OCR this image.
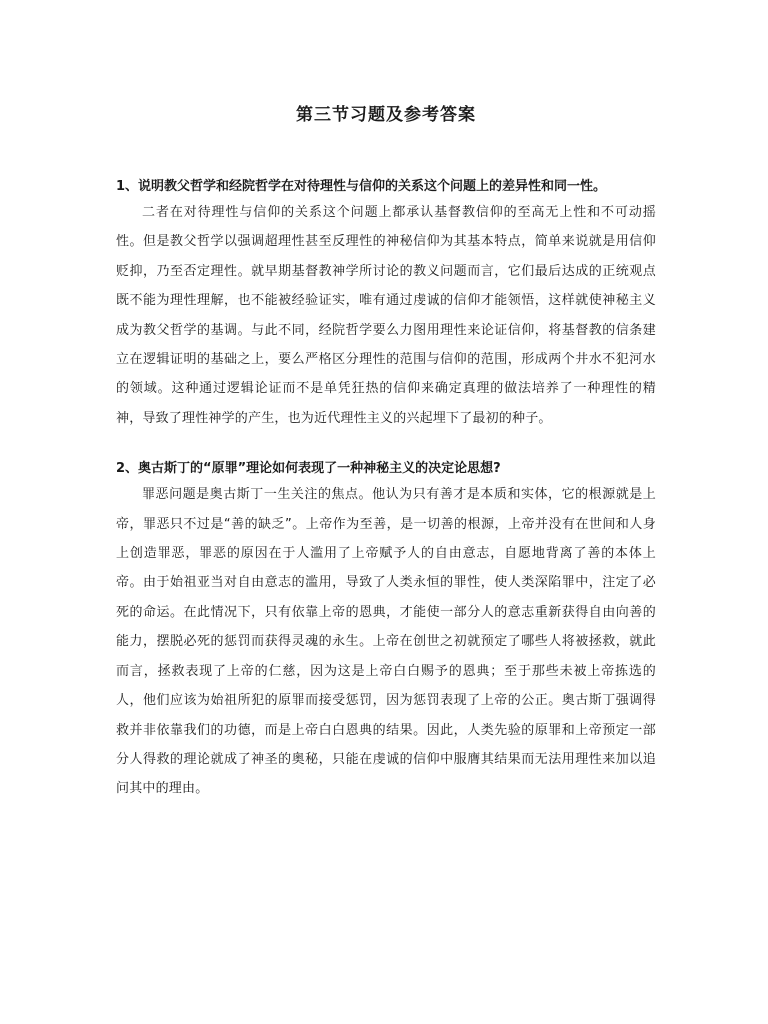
第三节习题及参考答案

1、说明教父哲学和经院哲学在对待理性与信仰的关系这个问题上的差异性和同一性。

二者在对待理性与信仰的关系这个问题上都承认基督教信仰的至高无上性和不可动摇性。但是教父哲学以强调超理性甚至反理性的神秘信仰为其基本特点，简单来说就是用信仰贬抑，乃至否定理性。就早期基督教神学所讨论的教义问题而言，它们最后达成的正统观点既不能为理性理解，也不能被经验证实，唯有通过虔诚的信仰才能领悟，这样就使神秘主义成为教父哲学的基调。与此不同，经院哲学要么力图用理性来论证信仰，将基督教的信条建立在逻辑证明的基础之上，要么严格区分理性的范围与信仰的范围，形成两个井水不犯河水的领域。这种通过逻辑论证而不是单凭狂热的信仰来确定真理的做法培养了一种理性的精神，导致了理性神学的产生，也为近代理性主义的兴起埋下了最初的种子。

2、奥古斯丁的“原罪”理论如何表现了一种神秘主义的决定论思想?

罪恶问题是奥古斯丁一生关注的焦点。他认为只有善才是本质和实体，它的根源就是上帝，罪恶只不过是“善的缺乏”。上帝作为至善，是一切善的根源，上帝并没有在世间和人身上创造罪恶，罪恶的原因在于人滥用了上帝赋予人的自由意志，自愿地背离了善的本体上帝。由于始祖亚当对自由意志的滥用，导致了人类永恒的罪性，使人类深陷罪中，注定了必死的命运。在此情况下，只有依靠上帝的恩典，才能使一部分人的意志重新获得自由向善的能力，摆脱必死的惩罚而获得灵魂的永生。上帝在创世之初就预定了哪些人将被拯救，就此而言，拯救表现了上帝的仁慈，因为这是上帝白白赐予的恩典；至于那些未被上帝拣选的人，他们应该为始祖所犯的原罪而接受惩罚，因为惩罚表现了上帝的公正。奥古斯丁强调得救并非依靠我们的功德，而是上帝白白恩典的结果。因此，人类先验的原罪和上帝预定一部分人得救的理论就成了神圣的奥秘，只能在虔诚的信仰中服膺其结果而无法用理性来加以追问其中的理由。
